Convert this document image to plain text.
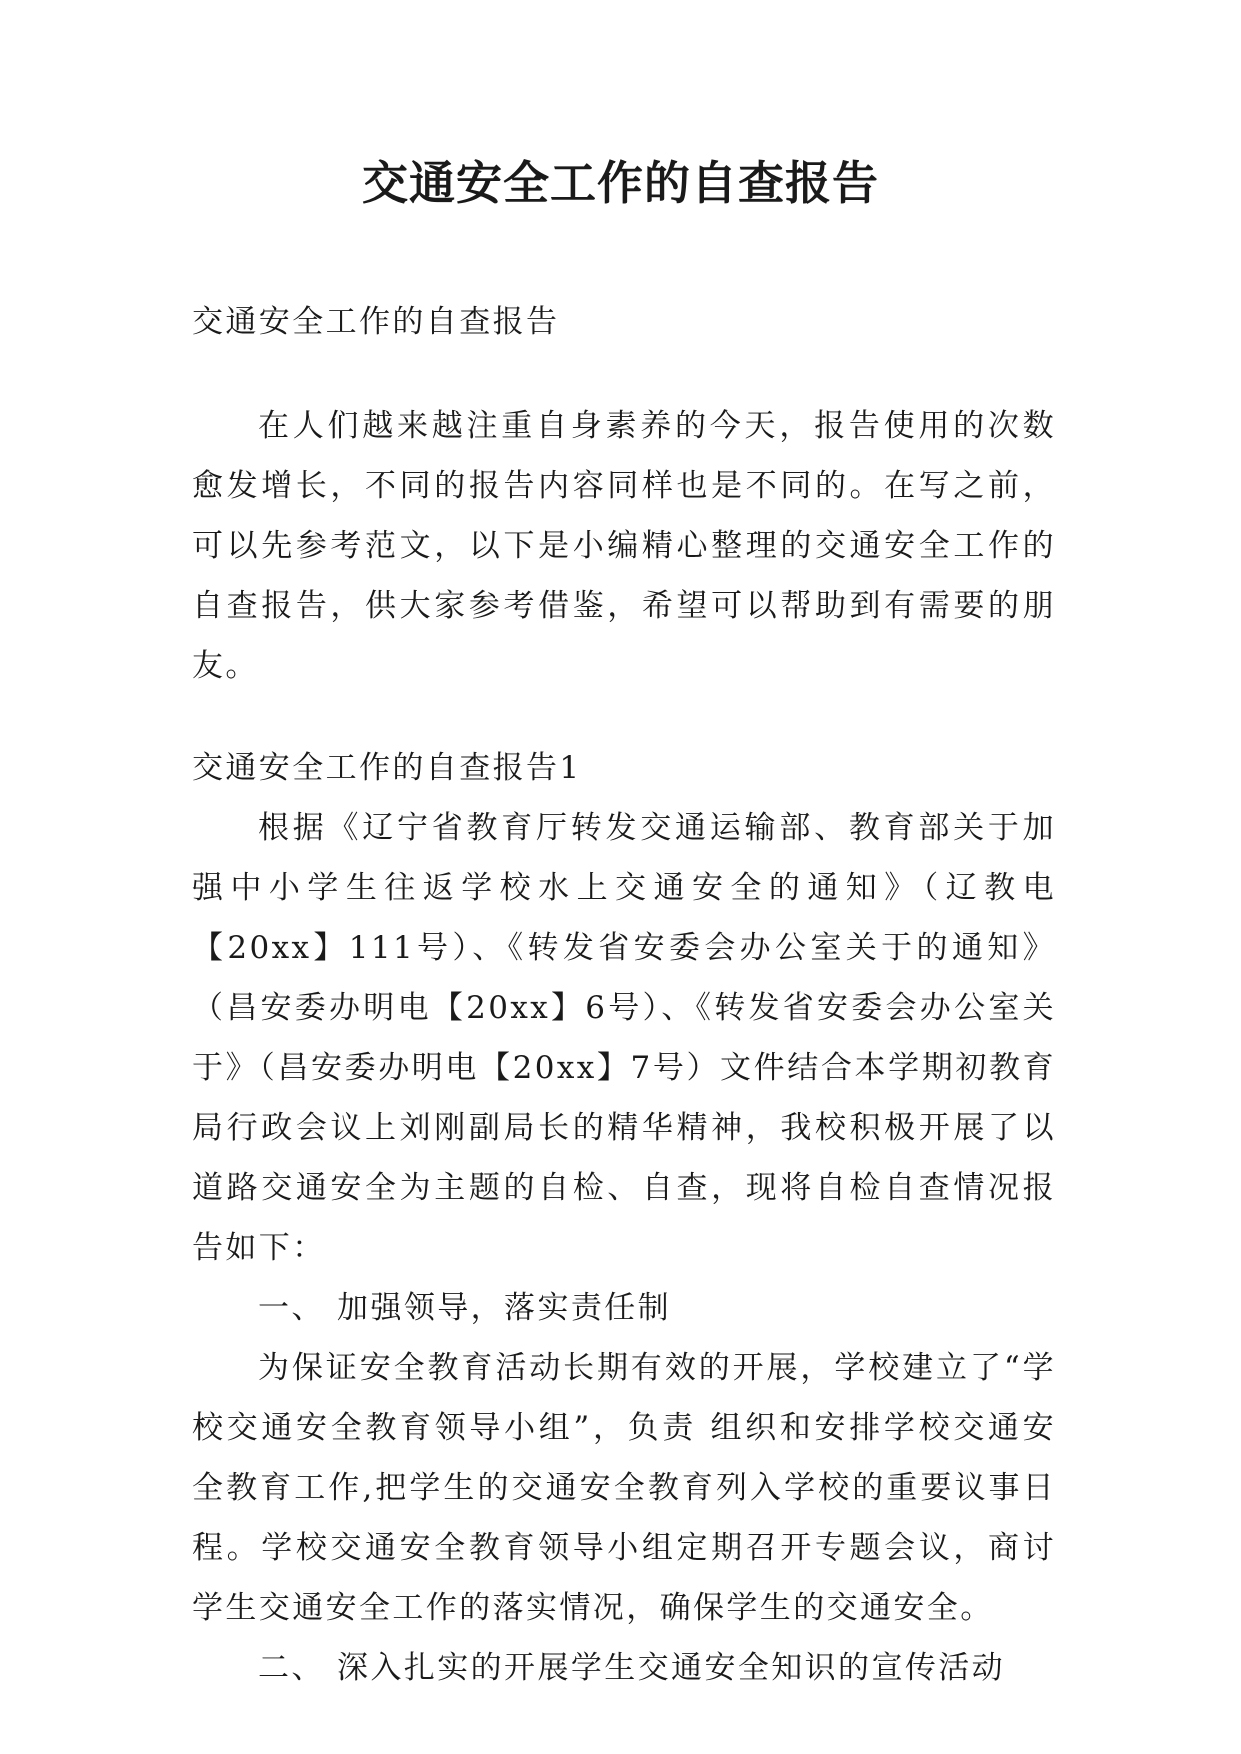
交通安全工作的自查报告

交通安全工作的自查报告

在人们越来越注重自身素养的今天，报告使用的次数愈发增长，不同的报告内容同样也是不同的。在写之前，可以先参考范文，以下是小编精心整理的交通安全工作的自查报告，供大家参考借鉴，希望可以帮助到有需要的朋友。

交通安全工作的自查报告1

根据《辽宁省教育厅转发交通运输部、教育部关于加强中小学生往返学校水上交通安全的通知》（辽教电【20xx】111号）、《转发省安委会办公室关于的通知》（昌安委办明电【20xx】6号）、《转发省安委会办公室关于》（昌安委办明电【20xx】7号）文件结合本学期初教育局行政会议上刘刚副局长的精华精神，我校积极开展了以道路交通安全为主题的自检、自查，现将自检自查情况报告如下：

一、 加强领导，落实责任制

为保证安全教育活动长期有效的开展，学校建立了“学校交通安全教育领导小组”，负责 组织和安排学校交通安全教育工作,把学生的交通安全教育列入学校的重要议事日程。学校交通安全教育领导小组定期召开专题会议，商讨学生交通安全工作的落实情况，确保学生的交通安全。

二、 深入扎实的开展学生交通安全知识的宣传活动
